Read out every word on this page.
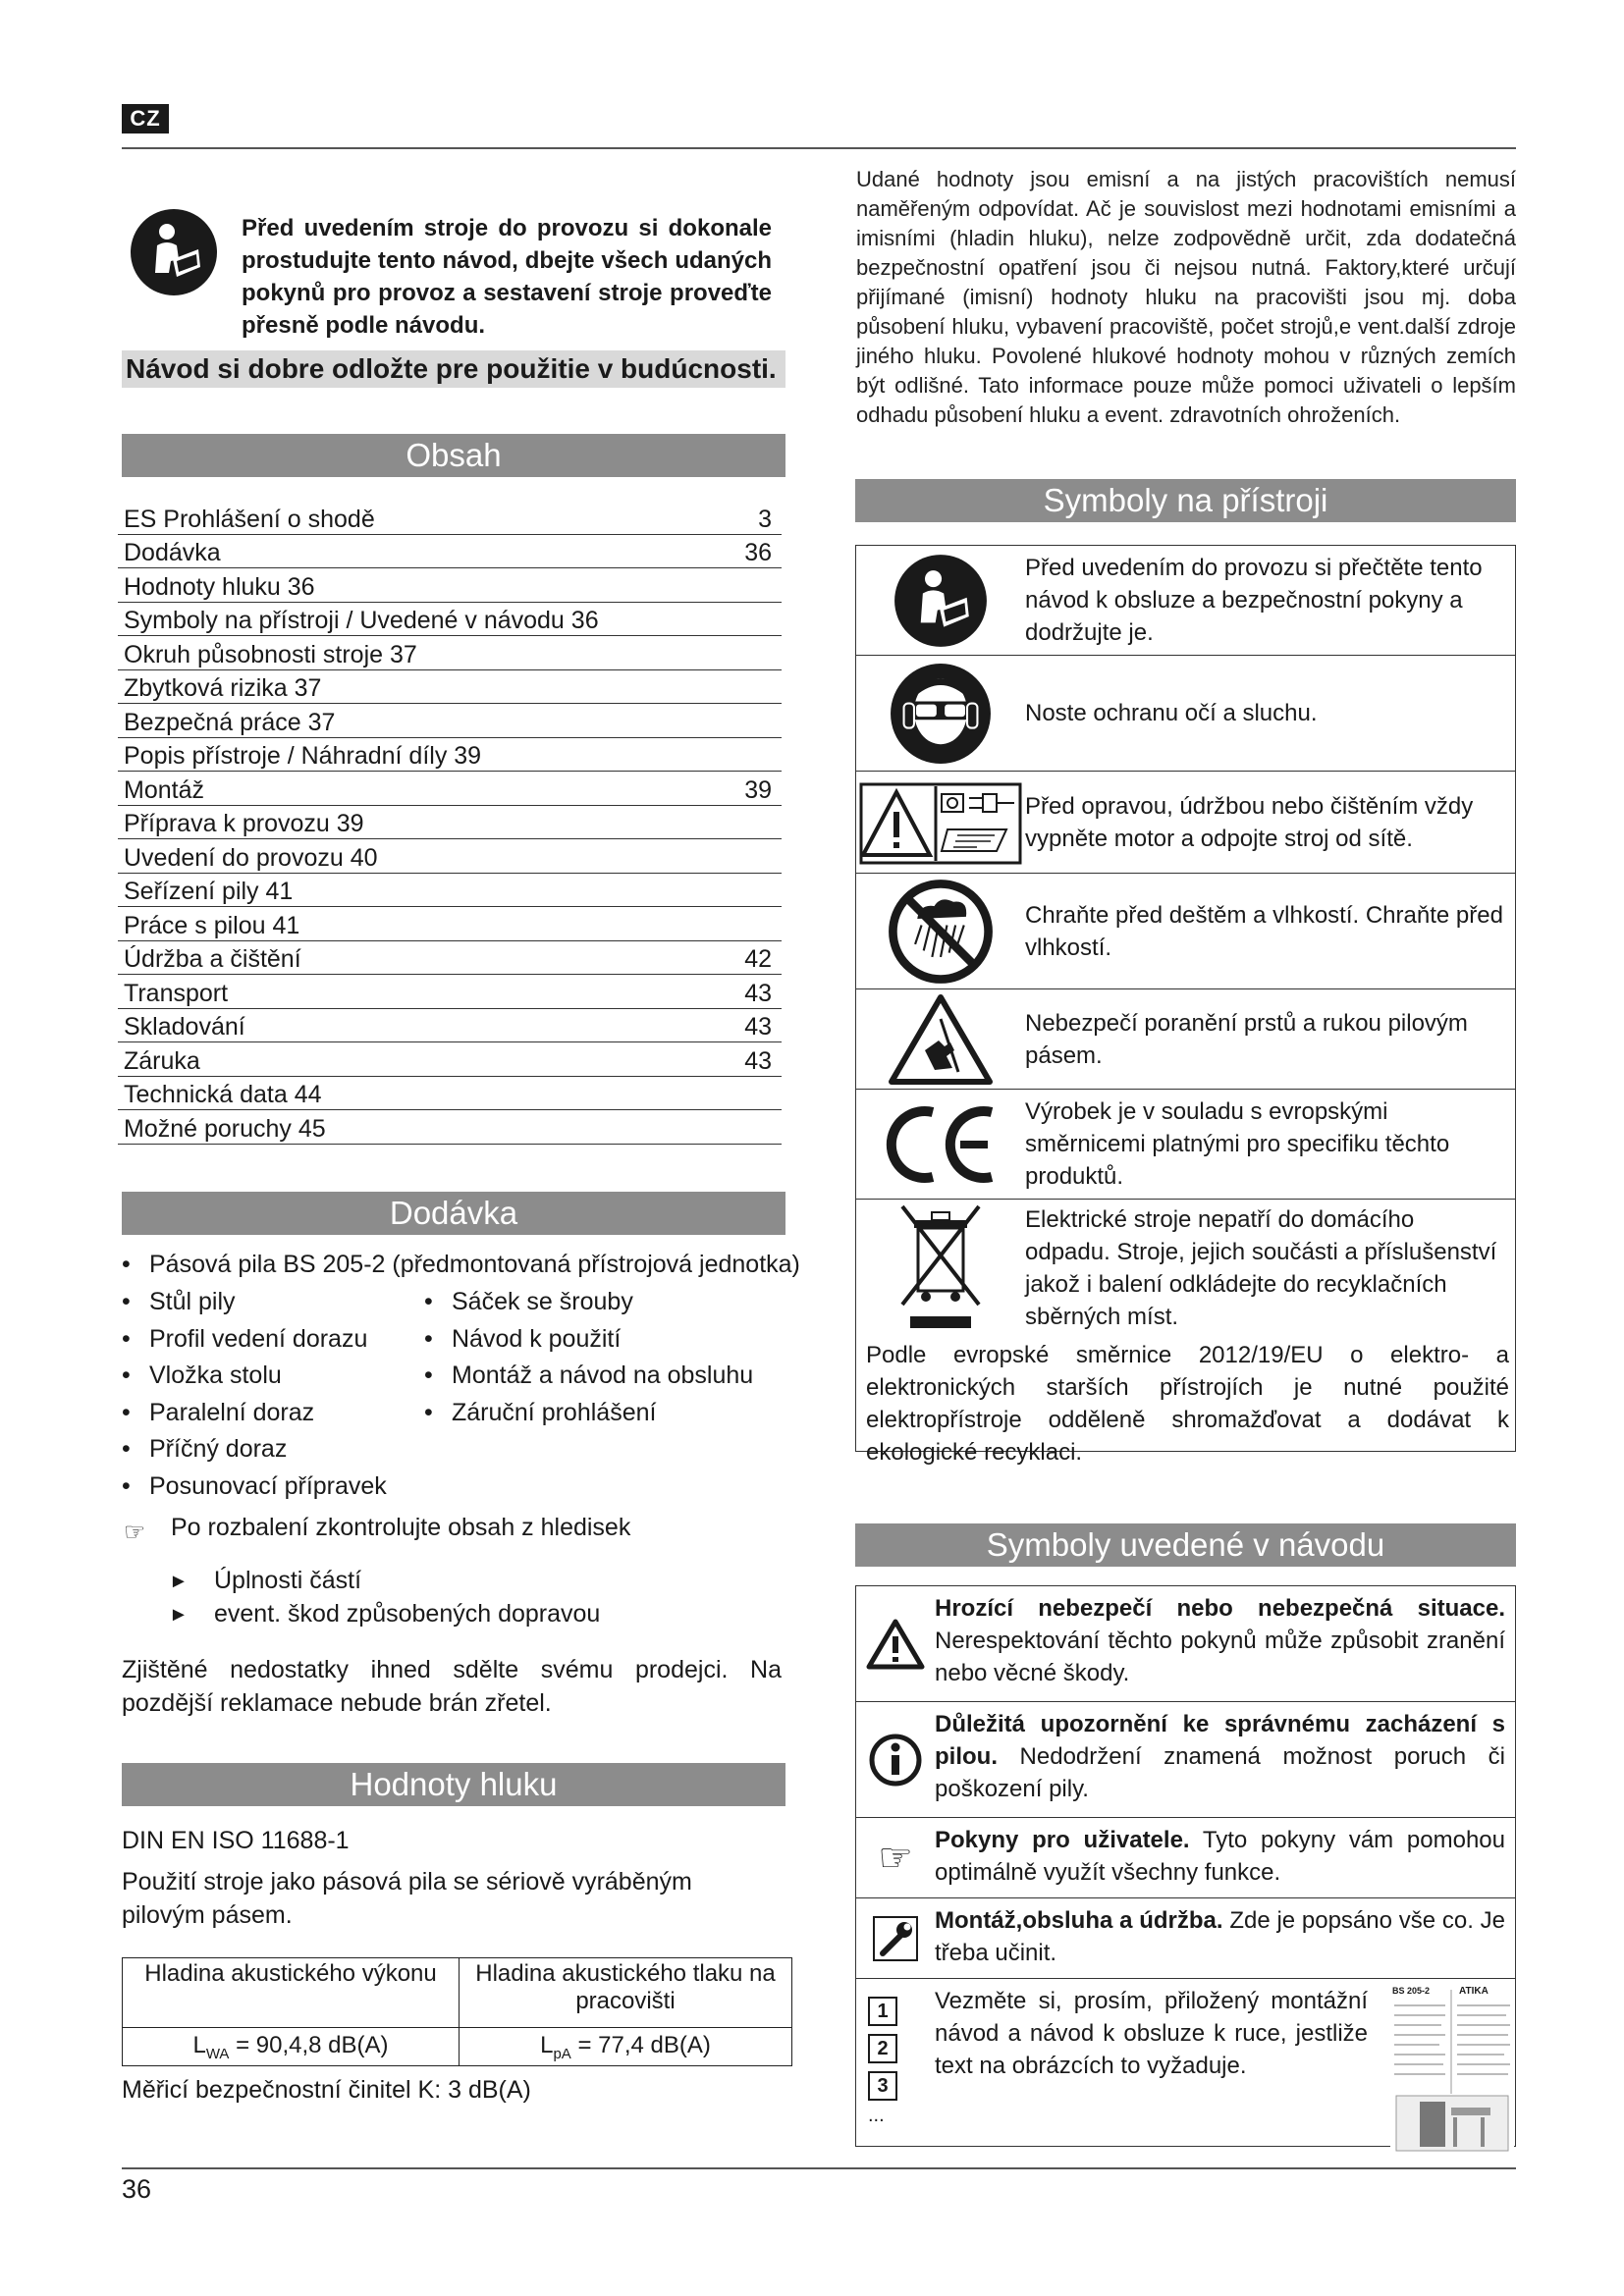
CZ
Před uvedením stroje do provozu si dokonale prostudujte tento návod, dbejte všech udaných pokynů pro provoz a sestavení stroje proveďte přesně podle návodu.
Návod si dobre odložte pre použitie v budúcnosti.
Obsah
ES Prohlášení o shodě	3
Dodávka	36
Hodnoty hluku 36
Symboly na přístroji / Uvedené v návodu 36
Okruh působnosti stroje 37
Zbytková rizika 37
Bezpečná práce 37
Popis přístroje / Náhradní díly 39
Montáž	39
Příprava k provozu 39
Uvedení do provozu 40
Seřízení pily 41
Práce s pilou 41
Údržba a čištění	42
Transport	43
Skladování	43
Záruka	43
Technická data 44
Možné poruchy 45
Dodávka
• Pásová pila BS 205-2 (předmontovaná přístrojová jednotka)
• Stůl pily
• Profil vedení dorazu
• Vložka stolu
• Paralelní doraz
• Příčný doraz
• Posunovací přípravek
• Sáček se šrouby
• Návod k použití
• Montáž a návod na obsluhu
• Záruční prohlášení
☞ Po rozbalení zkontrolujte obsah z hledisek
► Úplnosti částí
► event. škod způsobených dopravou
Zjištěné nedostatky ihned sdělte svému prodejci. Na pozdější reklamace nebude brán zřetel.
Hodnoty hluku
DIN EN ISO 11688-1
Použití stroje jako pásová pila se sériově vyráběným pilovým pásem.
Hladina akustického výkonu	Hladina akustického tlaku na pracovišti
$L_{WA} = 90,4,8$ dB(A)	$L_{pA} = 77,4$ dB(A)
Měřicí bezpečnostní činitel K: 3 dB(A)
Udané hodnoty jsou emisní a na jistých pracovištích nemusí naměřeným odpovídat. Ač je souvislost mezi hodnotami emisními a imisními (hladin hluku), nelze zodpovědně určit, zda dodatečná bezpečnostní opatření jsou či nejsou nutná. Faktory,které určují přijímané (imisní) hodnoty hluku na pracovišti jsou mj. doba působení hluku, vybavení pracoviště, počet strojů,e vent.další zdroje jiného hluku. Povolené hlukové hodnoty mohou v různých zemích být odlišné. Tato informace pouze může pomoci uživateli o lepším odhadu působení hluku a event. zdravotních ohroženích.
Symboly na přístroji
Před uvedením do provozu si přečtěte tento návod k obsluze a bezpečnostní pokyny a dodržujte je.
Noste ochranu očí a sluchu.
Před opravou, údržbou nebo čištěním vždy vypněte motor a odpojte stroj od sítě.
Chraňte před deštěm a vlhkostí. Chraňte před vlhkostí.
Nebezpečí poranění prstů a rukou pilovým pásem.
Výrobek je v souladu s evropskými směrnicemi platnými pro specifiku těchto produktů.
Elektrické stroje nepatří do domácího odpadu. Stroje, jejich součásti a příslušenství jakož i balení odkládejte do recyklačních sběrných míst.
Podle evropské směrnice 2012/19/EU o elektro- a elektronických starších přístrojích je nutné použité elektropřístroje odděleně shromažďovat a dodávat k ekologické recyklaci.
Symboly uvedené v návodu
Hrozící nebezpečí nebo nebezpečná situace. Nerespektování těchto pokynů může způsobit zranění nebo věcné škody.
Důležitá upozornění ke správnému zacházení s pilou. Nedodržení znamená možnost poruch či poškození pily.
☞ Pokyny pro uživatele. Tyto pokyny vám pomohou optimálně využít všechny funkce.
Montáž,obsluha a údržba. Zde je popsáno vše co. Je třeba učinit.
1
2
3
...
Vezměte si, prosím, přiložený montážní návod a návod k obsluze k ruce, jestliže text na obrázcích to vyžaduje.
BS 205-2	ATIKA
36
